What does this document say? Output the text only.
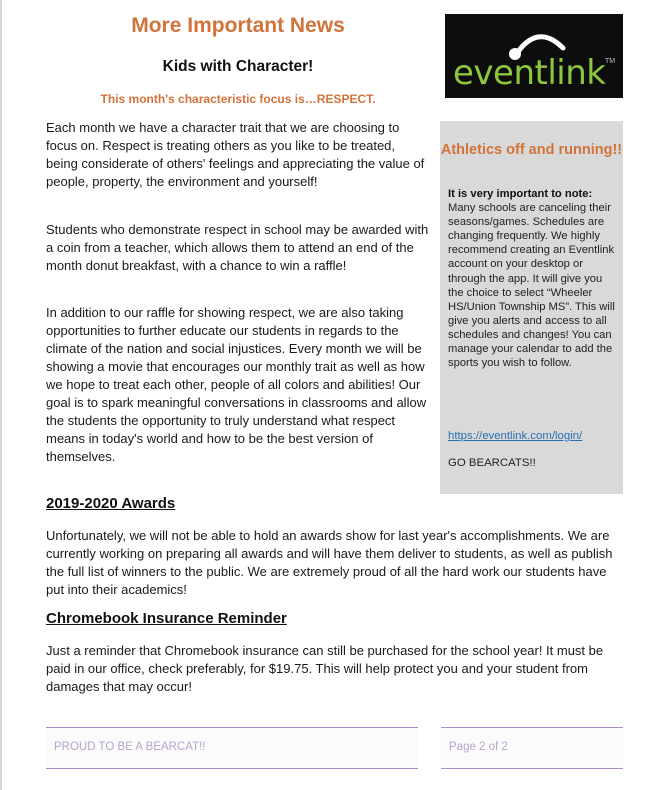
More Important News
Kids with Character!
This month's characteristic focus is…RESPECT.

Each month we have a character trait that we are choosing to focus on. Respect is treating others as you like to be treated, being considerate of others' feelings and appreciating the value of people, property, the environment and yourself!

Students who demonstrate respect in school may be awarded with a coin from a teacher, which allows them to attend an end of the month donut breakfast, with a chance to win a raffle!

In addition to our raffle for showing respect, we are also taking opportunities to further educate our students in regards to the climate of the nation and social injustices. Every month we will be showing a movie that encourages our monthly trait as well as how we hope to treat each other, people of all colors and abilities! Our goal is to spark meaningful conversations in classrooms and allow the students the opportunity to truly understand what respect means in today's world and how to be the best version of themselves.

2019-2020 Awards

Unfortunately, we will not be able to hold an awards show for last year's accomplishments. We are currently working on preparing all awards and will have them deliver to students, as well as publish the full list of winners to the public. We are extremely proud of all the hard work our students have put into their academics!

Chromebook Insurance Reminder

Just a reminder that Chromebook insurance can still be purchased for the school year! It must be paid in our office, check preferably, for $19.75. This will help protect you and your student from damages that may occur!

eventlink TM
Athletics off and running!!
It is very important to note:
Many schools are canceling their seasons/games. Schedules are changing frequently. We highly recommend creating an Eventlink account on your desktop or through the app. It will give you the choice to select “Wheeler HS/Union Township MS”. This will give you alerts and access to all schedules and changes! You can manage your calendar to add the sports you wish to follow.
https://eventlink.com/login/
GO BEARCATS!!
PROUD TO BE A BEARCAT!!	Page 2 of 2
